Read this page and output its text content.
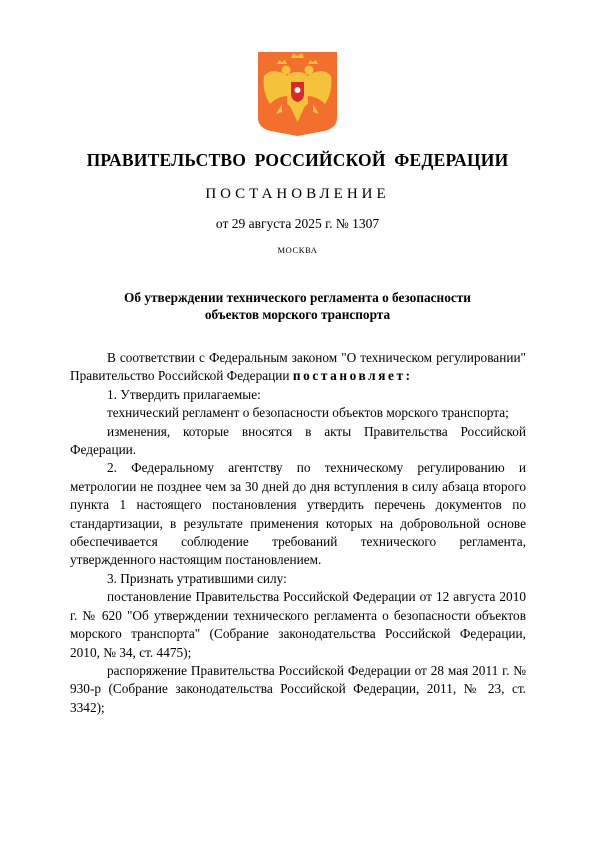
ПРАВИТЕЛЬСТВО РОССИЙСКОЙ ФЕДЕРАЦИИ
ПОСТАНОВЛЕНИЕ
от 29 августа 2025 г. № 1307
МОСКВА
Об утверждении технического регламента о безопасности
объектов морского транспорта

В соответствии с Федеральным законом "О техническом регулировании" Правительство Российской Федерации постановляет:

1. Утвердить прилагаемые:

технический регламент о безопасности объектов морского транспорта;

изменения, которые вносятся в акты Правительства Российской Федерации.

2. Федеральному агентству по техническому регулированию и метрологии не позднее чем за 30 дней до дня вступления в силу абзаца второго пункта 1 настоящего постановления утвердить перечень документов по стандартизации, в результате применения которых на добровольной основе обеспечивается соблюдение требований технического регламента, утвержденного настоящим постановлением.

3. Признать утратившими силу:

постановление Правительства Российской Федерации от 12 августа 2010 г. № 620 "Об утверждении технического регламента о безопасности объектов морского транспорта" (Собрание законодательства Российской Федерации, 2010, № 34, ст. 4475);

распоряжение Правительства Российской Федерации от 28 мая 2011 г. № 930-р (Собрание законодательства Российской Федерации, 2011, № 23, ст. 3342);
